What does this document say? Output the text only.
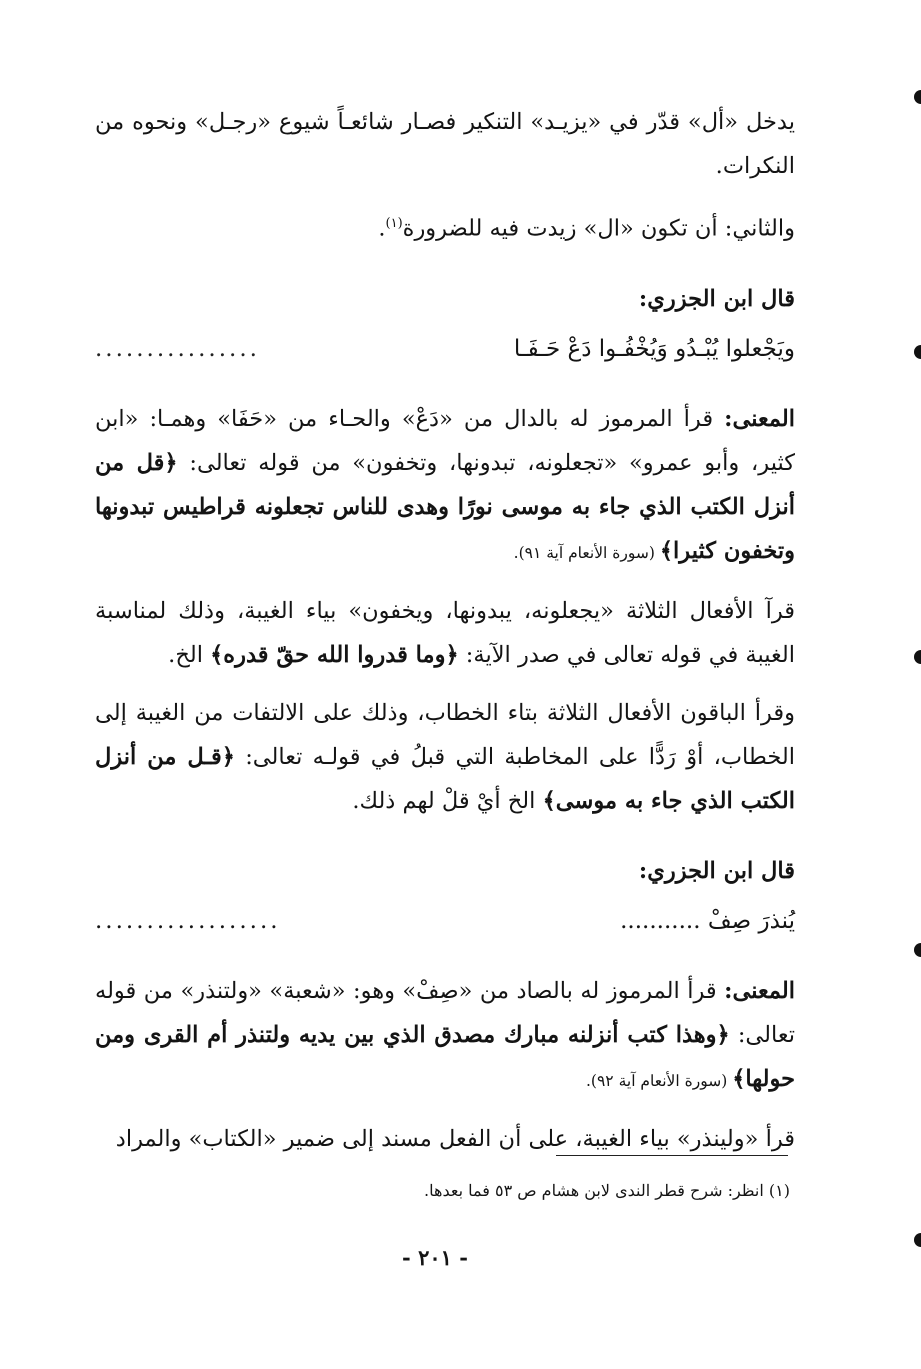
يدخل «أل» قدّر في «يزيـد» التنكير فصـار شائعـاً شيوع «رجـل» ونحوه من النكرات.

والثاني: أن تكون «ال» زيدت فيه للضرورة$^{(١)}$.

قال ابن الجزري:
ويَجْعلوا يُبْـدُو وَيُخْفُـوا دَعْ حَـفَـا
................

المعنى: قرأ المرموز له بالدال من «دَعْ» والحـاء من «حَفَا» وهمـا: «ابن كثير، وأبو عمرو» «تجعلونه، تبدونها، وتخفون» من قوله تعالى: ﴿قل من أنزل الكتب الذي جاء به موسى نورًا وهدى للناس تجعلونه قراطيس تبدونها وتخفون كثيرا﴾ (سورة الأنعام آية ٩١).

قرآ الأفعال الثلاثة «يجعلونه، يبدونها، ويخفون» بياء الغيبة، وذلك لمناسبة الغيبة في قوله تعالى في صدر الآية: ﴿وما قدروا الله حقّ قدره﴾ الخ.

وقرأ الباقون الأفعال الثلاثة بتاء الخطاب، وذلك على الالتفات من الغيبة إلى الخطاب، أوْ رَدًّا على المخاطبة التي قبلُ في قولـه تعالى: ﴿قـل من أنزل الكتب الذي جاء به موسى﴾ الخ أيْ قلْ لهم ذلك.

قال ابن الجزري:
يُنذرَ صِفْ ...........
..................

المعنى: قرأ المرموز له بالصاد من «صِفْ» وهو: «شعبة» «ولتنذر» من قوله تعالى: ﴿وهذا كتب أنزلنه مبارك مصدق الذي بين يديه ولتنذر أم القرى ومن حولها﴾ (سورة الأنعام آية ٩٢).

قرأ «ولينذر» بياء الغيبة، على أن الفعل مسند إلى ضمير «الكتاب» والمراد

(١) انظر: شرح قطر الندى لابن هشام ص ٥٣ فما بعدها.
- ٢٠١ -
